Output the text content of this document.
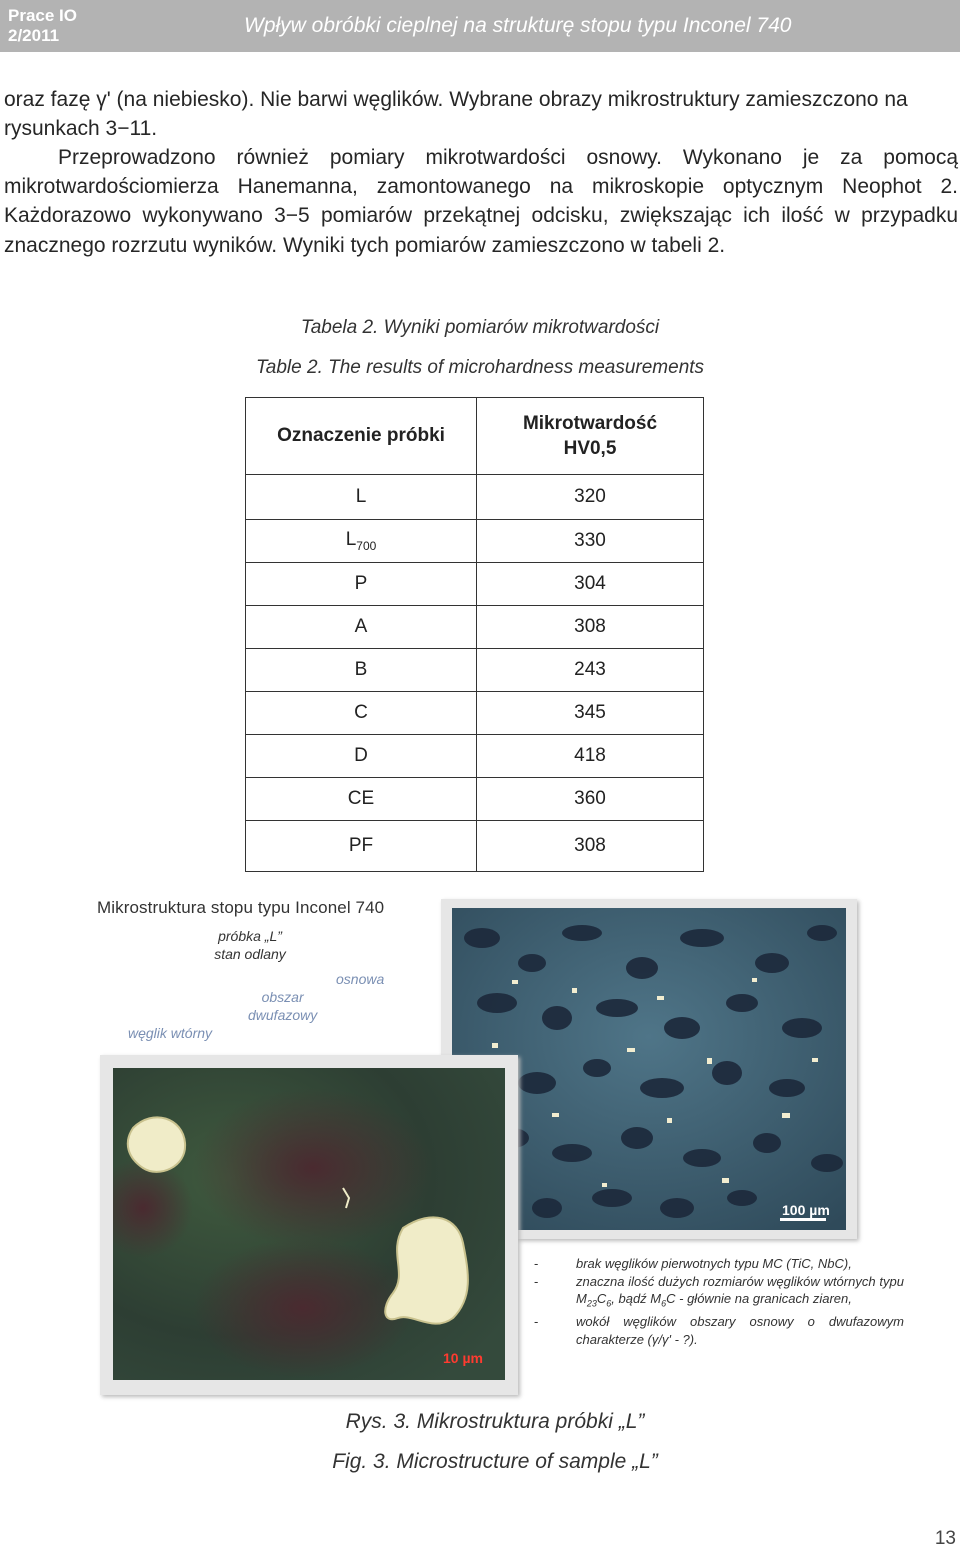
Prace IO
2/2011	Wpływ obróbki cieplnej na strukturę stopu typu Inconel 740
oraz fazę γ' (na niebiesko). Nie barwi węglików. Wybrane obrazy mikrostruktury zamieszczono na rysunkach 3−11.
Przeprowadzono również pomiary mikrotwardości osnowy. Wykonano je za pomocą mikrotwardościomierza Hanemanna, zamontowanego na mikroskopie optycznym Neophot 2. Każdorazowo wykonywano 3−5 pomiarów przekątnej odcisku, zwiększając ich ilość w przypadku znacznego rozrzutu wyników. Wyniki tych pomiarów zamieszczono w tabeli 2.
Tabela 2. Wyniki pomiarów mikrotwardości
Table 2. The results of microhardness measurements
Oznaczenie próbki	Mikrotwardość
HV0,5

L	320
$L_{700}$	330
P	304
A	308
B	243
C	345
D	418
CE	360
PF	308
Mikrostruktura stopu typu Inconel 740
próbka „L”
stan odlany
osnowa
obszar
dwufazowy
węglik wtórny
100 µm
10 µm
-	brak węglików pierwotnych typu MC (TiC, NbC),
-	znaczna ilość dużych rozmiarów węglików wtórnych typu $M_{23}C_6$, bądź $M_6C$ - głównie na granicach ziaren,
-	wokół węglików obszary osnowy o dwufazowym charakterze (γ/γ' - ?).
Rys. 3. Mikrostruktura próbki „L”
Fig. 3. Microstructure of sample „L”
13
